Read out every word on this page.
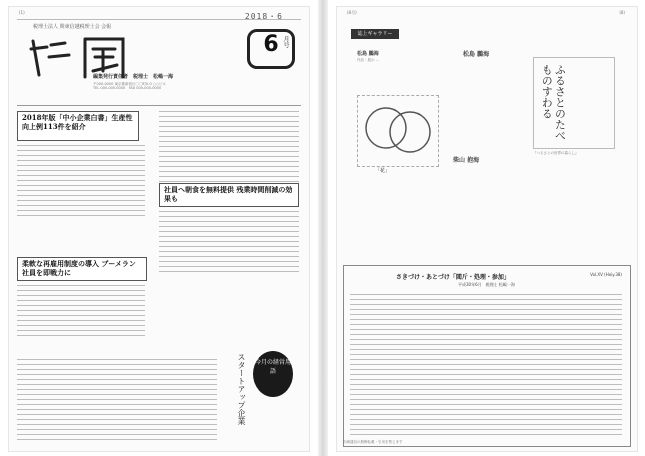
(1)	2018・6
税理士法人 関東信越税理士会 会報
6 月号
編集発行責任者　税理士　松嶋一海
〒000-0000 東京都新宿区〇〇町0-0 ○○ビル
TEL 000-000-0000　FAX 000-000-0000
2018年版「中小企業白書」生産性向上例113件を紹介
社員へ朝食を無料提供 残業時間削減の効果も
柔軟な再雇用制度の導入 ブーメラン社員を即戦力に
スタートアップ企業	今月の経営用語
(8号)	(8)
誌上ギャラリー
松島 鵬海
作品・展示 …
「花」
松島 鵬海
柴山 抱海
ふるさとのたべものすわる
『つるさとの世界の暮らし』
さきづけ・あとづけ「閲斤・処理・参加」	Vol.XV (Hoiy.38)
平成30年6月　税理士 松嶋一海
松嶋通信の無断転載・引用を禁じます
